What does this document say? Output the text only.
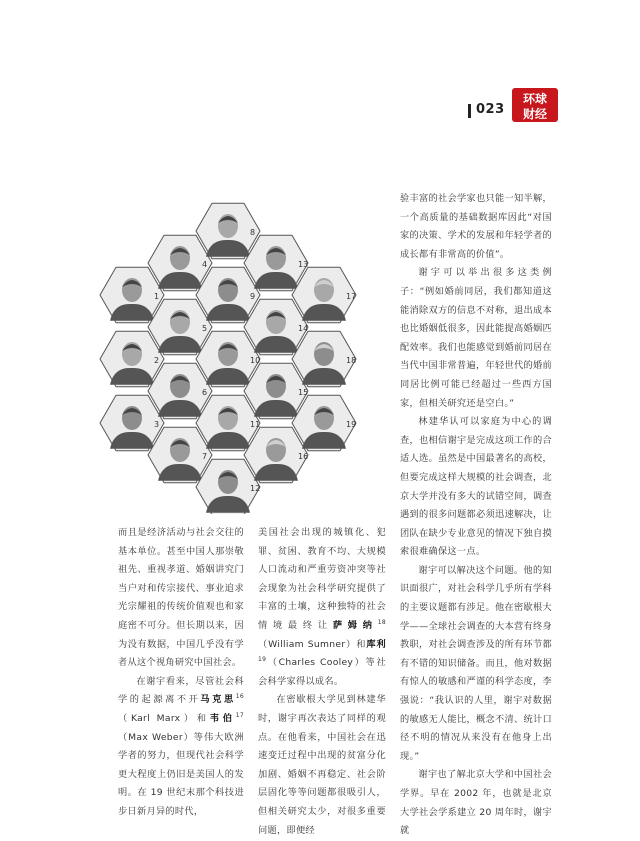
023
环球
财经
1
2
3
4
5
6
7
8
9
10
11
12
13
14
15
16
17
18
19

而且是经济活动与社会交往的基本单位。甚至中国人那崇敬祖先、重视孝道、婚姻讲究门当户对和传宗接代、事业追求光宗耀祖的传统价值观也和家庭密不可分。但长期以来，因为没有数据，中国几乎没有学者从这个视角研究中国社会。

在谢宇看来，尽管社会科学的起源离不开马克思$^{16}$（Karl Marx）和韦伯$^{17}$（Max Weber）等伟大欧洲学者的努力，但现代社会科学更大程度上仍旧是美国人的发明。在 19 世纪末那个科技进步日新月异的时代，

美国社会出现的城镇化、犯罪、贫困、教育不均、大规模人口流动和严重劳资冲突等社会现象为社会科学研究提供了丰富的土壤，这种独特的社会情境最终让萨姆纳$^{18}$（William Sumner）和库利$^{19}$（Charles Cooley）等社会科学家得以成名。

在密歇根大学见到林建华时，谢宇再次表达了同样的观点。在他看来，中国社会在迅速变迁过程中出现的贫富分化加剧、婚姻不再稳定、社会阶层固化等等问题都很吸引人，但相关研究太少，对很多重要问题，即便经

验丰富的社会学家也只能一知半解，一个高质量的基础数据库因此“对国家的决策、学术的发展和年轻学者的成长都有非常高的价值”。

谢宇可以举出很多这类例子：“例如婚前同居，我们都知道这能消除双方的信息不对称，退出成本也比婚姻低很多，因此能提高婚姻匹配效率。我们也能感觉到婚前同居在当代中国非常普遍，年轻世代的婚前同居比例可能已经超过一些西方国家，但相关研究还是空白。”

林建华认可以家庭为中心的调查，也相信谢宇是完成这项工作的合适人选。虽然是中国最著名的高校，但要完成这样大规模的社会调查，北京大学并没有多大的试错空间，调查遇到的很多问题都必须迅速解决，让团队在缺少专业意见的情况下独自摸索很难确保这一点。

谢宇可以解决这个问题。他的知识面很广，对社会科学几乎所有学科的主要议题都有涉足。他在密歇根大学——全球社会调查的大本营有终身教职，对社会调查涉及的所有环节都有不错的知识储备。而且，他对数据有惊人的敏感和严谨的科学态度，李强说：“我认识的人里，谢宇对数据的敏感无人能比，概念不清、统计口径不明的情况从来没有在他身上出现。”

谢宇也了解北京大学和中国社会学界。早在 2002 年，也就是北京大学社会学系建立 20 周年时，谢宇就
